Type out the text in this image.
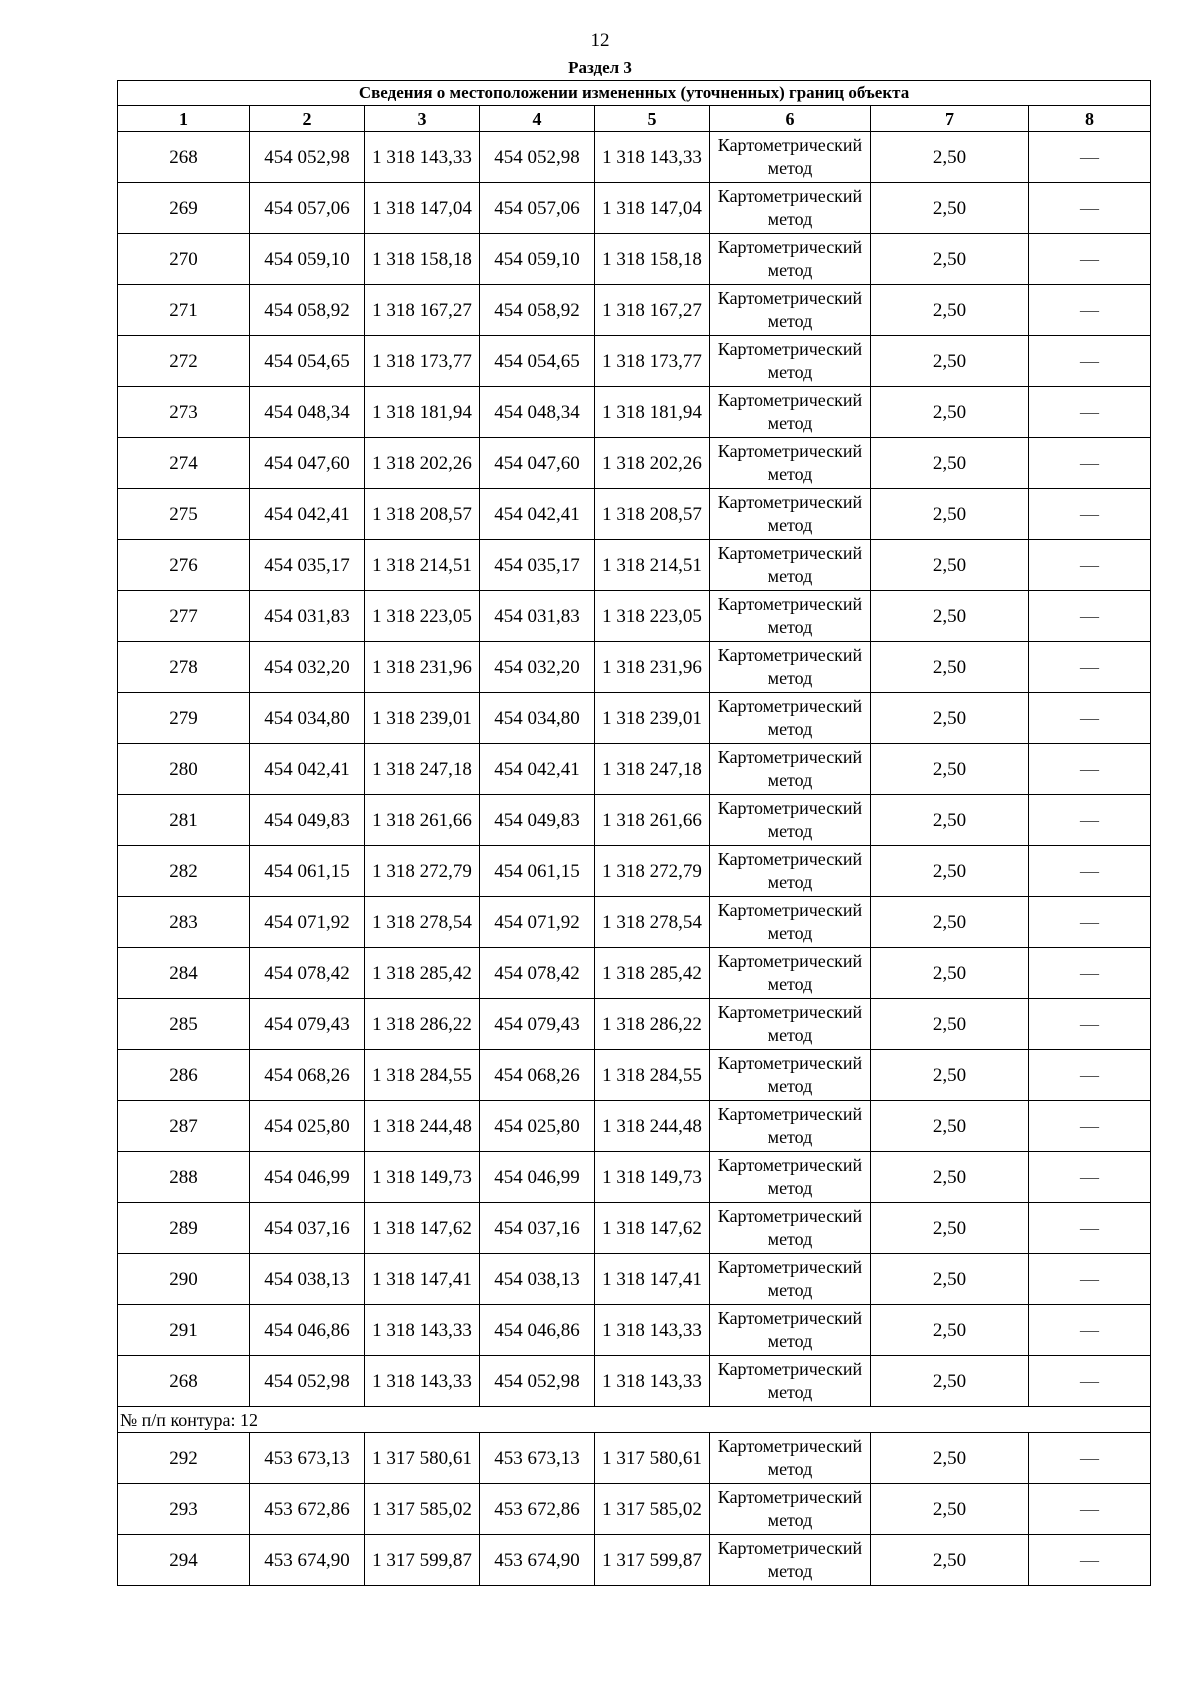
12
Раздел 3
Сведения о местоположении измененных (уточненных) границ объекта							
1	2	3	4	5	6	7	8
268	454 052,98	1 318 143,33	454 052,98	1 318 143,33	Картометрический метод	2,50	—
269	454 057,06	1 318 147,04	454 057,06	1 318 147,04	Картометрический метод	2,50	—
270	454 059,10	1 318 158,18	454 059,10	1 318 158,18	Картометрический метод	2,50	—
271	454 058,92	1 318 167,27	454 058,92	1 318 167,27	Картометрический метод	2,50	—
272	454 054,65	1 318 173,77	454 054,65	1 318 173,77	Картометрический метод	2,50	—
273	454 048,34	1 318 181,94	454 048,34	1 318 181,94	Картометрический метод	2,50	—
274	454 047,60	1 318 202,26	454 047,60	1 318 202,26	Картометрический метод	2,50	—
275	454 042,41	1 318 208,57	454 042,41	1 318 208,57	Картометрический метод	2,50	—
276	454 035,17	1 318 214,51	454 035,17	1 318 214,51	Картометрический метод	2,50	—
277	454 031,83	1 318 223,05	454 031,83	1 318 223,05	Картометрический метод	2,50	—
278	454 032,20	1 318 231,96	454 032,20	1 318 231,96	Картометрический метод	2,50	—
279	454 034,80	1 318 239,01	454 034,80	1 318 239,01	Картометрический метод	2,50	—
280	454 042,41	1 318 247,18	454 042,41	1 318 247,18	Картометрический метод	2,50	—
281	454 049,83	1 318 261,66	454 049,83	1 318 261,66	Картометрический метод	2,50	—
282	454 061,15	1 318 272,79	454 061,15	1 318 272,79	Картометрический метод	2,50	—
283	454 071,92	1 318 278,54	454 071,92	1 318 278,54	Картометрический метод	2,50	—
284	454 078,42	1 318 285,42	454 078,42	1 318 285,42	Картометрический метод	2,50	—
285	454 079,43	1 318 286,22	454 079,43	1 318 286,22	Картометрический метод	2,50	—
286	454 068,26	1 318 284,55	454 068,26	1 318 284,55	Картометрический метод	2,50	—
287	454 025,80	1 318 244,48	454 025,80	1 318 244,48	Картометрический метод	2,50	—
288	454 046,99	1 318 149,73	454 046,99	1 318 149,73	Картометрический метод	2,50	—
289	454 037,16	1 318 147,62	454 037,16	1 318 147,62	Картометрический метод	2,50	—
290	454 038,13	1 318 147,41	454 038,13	1 318 147,41	Картометрический метод	2,50	—
291	454 046,86	1 318 143,33	454 046,86	1 318 143,33	Картометрический метод	2,50	—
268	454 052,98	1 318 143,33	454 052,98	1 318 143,33	Картометрический метод	2,50	—
№ п/п контура: 12							
292	453 673,13	1 317 580,61	453 673,13	1 317 580,61	Картометрический метод	2,50	—
293	453 672,86	1 317 585,02	453 672,86	1 317 585,02	Картометрический метод	2,50	—
294	453 674,90	1 317 599,87	453 674,90	1 317 599,87	Картометрический метод	2,50	—
